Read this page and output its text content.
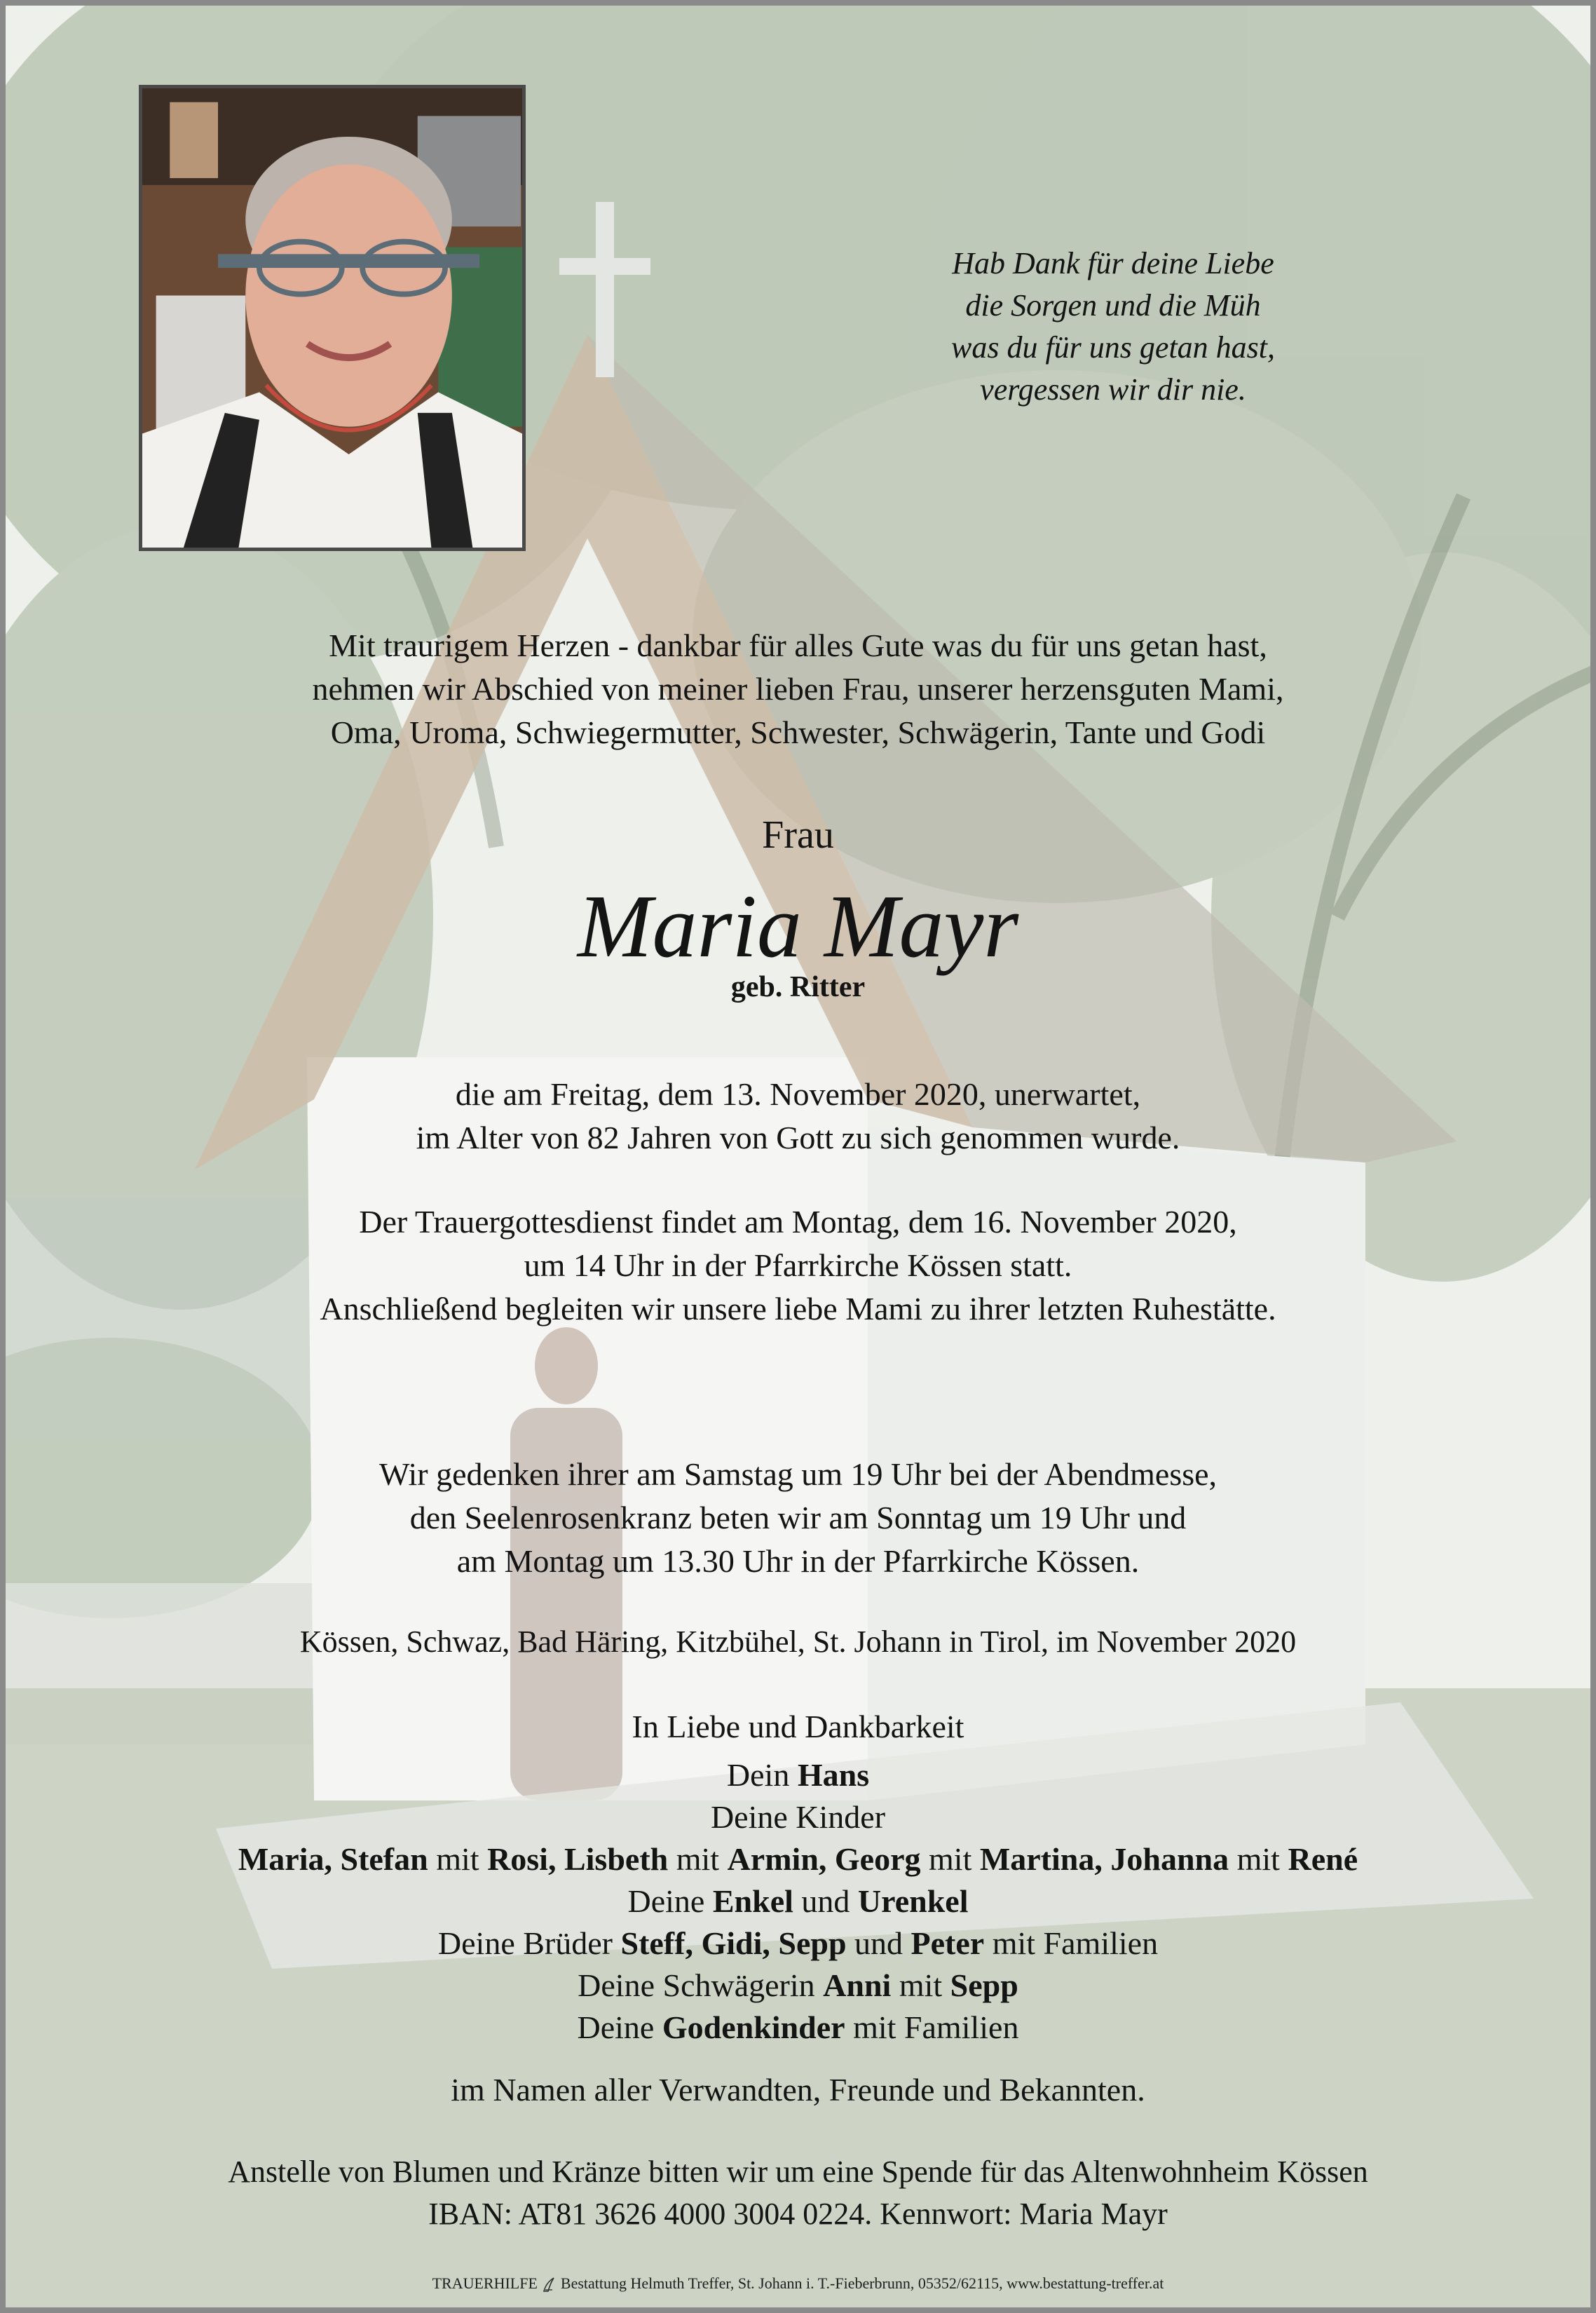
Hab Dank für deine Liebe
die Sorgen und die Müh
was du für uns getan hast,
vergessen wir dir nie.
Mit traurigem Herzen - dankbar für alles Gute was du für uns getan hast,
nehmen wir Abschied von meiner lieben Frau, unserer herzensguten Mami,
Oma, Uroma, Schwiegermutter, Schwester, Schwägerin, Tante und Godi
Frau
Maria Mayr
geb. Ritter
die am Freitag, dem 13. November 2020, unerwartet,
im Alter von 82 Jahren von Gott zu sich genommen wurde.
Der Trauergottesdienst findet am Montag, dem 16. November 2020,
um 14 Uhr in der Pfarrkirche Kössen statt.
Anschließend begleiten wir unsere liebe Mami zu ihrer letzten Ruhestätte.
Wir gedenken ihrer am Samstag um 19 Uhr bei der Abendmesse,
den Seelenrosenkranz beten wir am Sonntag um 19 Uhr und
am Montag um 13.30 Uhr in der Pfarrkirche Kössen.
Kössen, Schwaz, Bad Häring, Kitzbühel, St. Johann in Tirol, im November 2020
In Liebe und Dankbarkeit
Dein Hans
Deine Kinder
Maria, Stefan mit Rosi, Lisbeth mit Armin, Georg mit Martina, Johanna mit René
Deine Enkel und Urenkel
Deine Brüder Steff, Gidi, Sepp und Peter mit Familien
Deine Schwägerin Anni mit Sepp
Deine Godenkinder mit Familien
im Namen aller Verwandten, Freunde und Bekannten.
Anstelle von Blumen und Kränze bitten wir um eine Spende für das Altenwohnheim Kössen
IBAN: AT81 3626 4000 3004 0224. Kennwort: Maria Mayr
TRAUERHILFE Bestattung Helmuth Treffer, St. Johann i. T.-Fieberbrunn, 05352/62115, www.bestattung-treffer.at
